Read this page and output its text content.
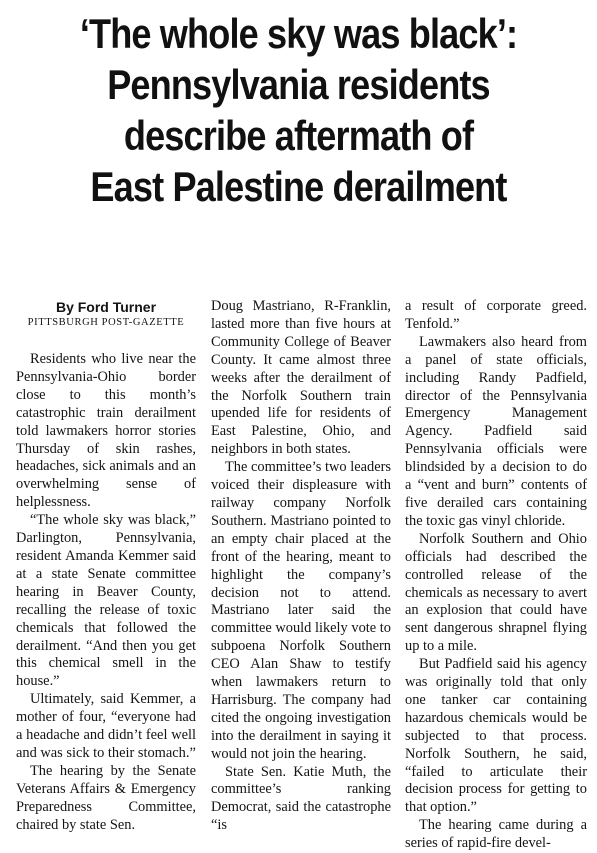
‘The whole sky was black’:
Pennsylvania residents
describe aftermath of
East Palestine derailment
By Ford Turner
PITTSBURGH POST-GAZETTE

Residents who live near the Pennsylvania-Ohio border close to this month’s catastrophic train derailment told lawmakers horror stories Thursday of skin rashes, headaches, sick animals and an overwhelming sense of helplessness.

“The whole sky was black,” Darlington, Pennsylvania, resident Amanda Kemmer said at a state Senate committee hearing in Beaver County, recalling the release of toxic chemicals that followed the derailment. “And then you get this chemical smell in the house.”

Ultimately, said Kemmer, a mother of four, “everyone had a headache and didn’t feel well and was sick to their stomach.”

The hearing by the Senate Veterans Affairs & Emergency Preparedness Committee, chaired by state Sen.

Doug Mastriano, R-Franklin, lasted more than five hours at Community College of Beaver County. It came almost three weeks after the derailment of the Norfolk Southern train upended life for residents of East Palestine, Ohio, and neighbors in both states.

The committee’s two leaders voiced their displeasure with railway company Norfolk Southern. Mastriano pointed to an empty chair placed at the front of the hearing, meant to highlight the company’s decision not to attend. Mastriano later said the committee would likely vote to subpoena Norfolk Southern CEO Alan Shaw to testify when lawmakers return to Harrisburg. The company had cited the ongoing investigation into the derailment in saying it would not join the hearing.

State Sen. Katie Muth, the committee’s ranking Democrat, said the catastrophe “is

a result of corporate greed. Tenfold.”

Lawmakers also heard from a panel of state officials, including Randy Padfield, director of the Pennsylvania Emergency Management Agency. Padfield said Pennsylvania officials were blindsided by a decision to do a “vent and burn” contents of five derailed cars containing the toxic gas vinyl chloride.

Norfolk Southern and Ohio officials had described the controlled release of the chemicals as necessary to avert an explosion that could have sent dangerous shrapnel flying up to a mile.

But Padfield said his agency was originally told that only one tanker car containing hazardous chemicals would be subjected to that process. Norfolk Southern, he said, “failed to articulate their decision process for getting to that option.”

The hearing came during a series of rapid-fire devel-
